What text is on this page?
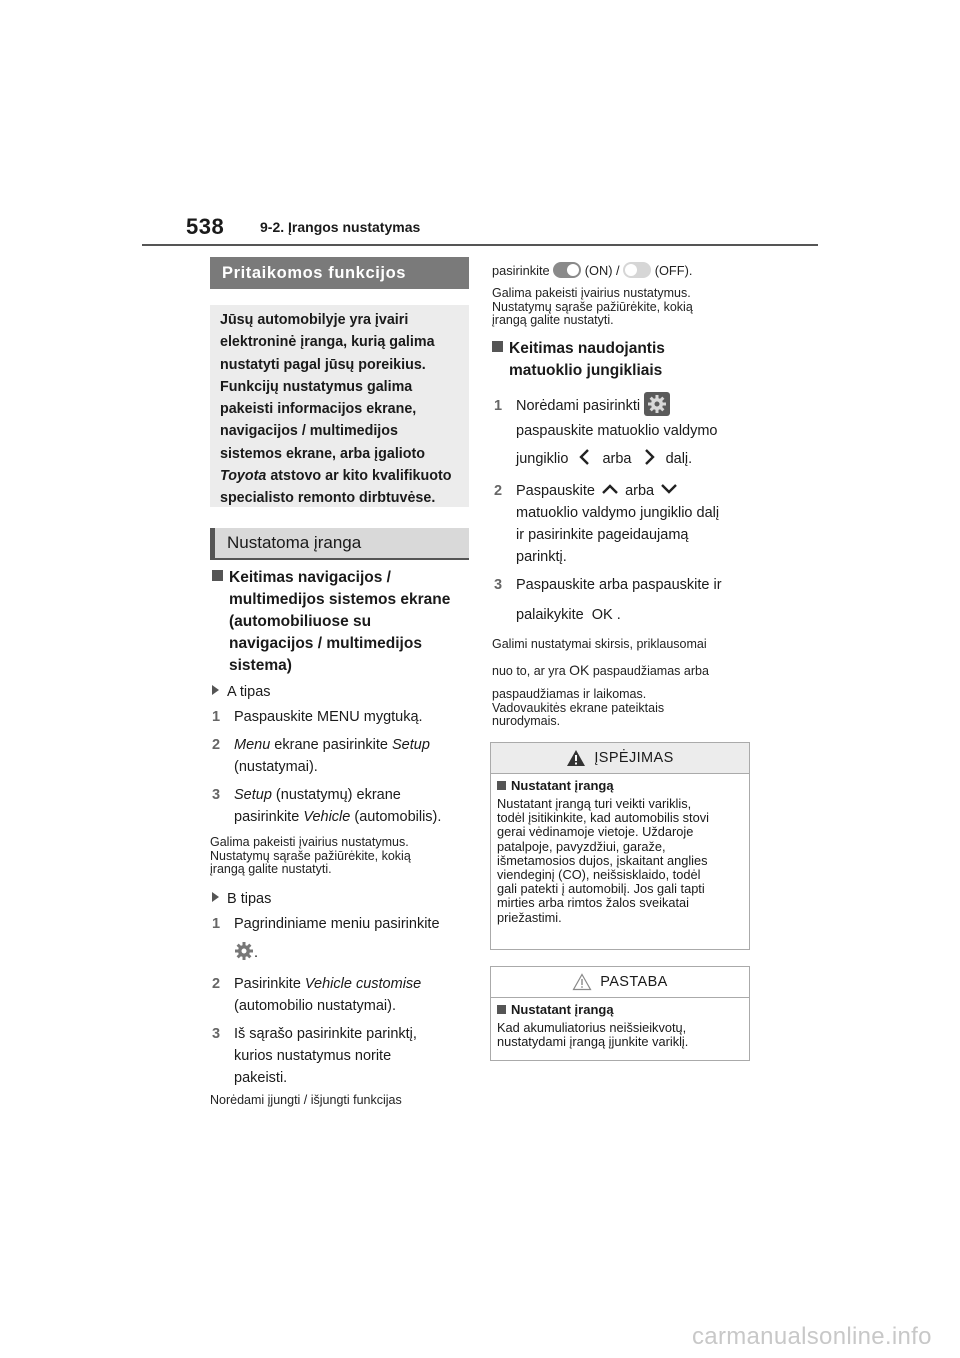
538	9-2. Įrangos nustatymas
Pritaikomos funkcijos
Jūsų automobilyje yra įvairi
elektroninė įranga, kurią galima
nustatyti pagal jūsų poreikius.
Funkcijų nustatymus galima
pakeisti informacijos ekrane,
navigacijos / multimedijos
sistemos ekrane, arba įgalioto
Toyota atstovo ar kito kvalifikuoto
specialisto remonto dirbtuvėse.
Nustatoma įranga
Keitimas navigacijos /
multimedijos sistemos ekrane
(automobiliuose su
navigacijos / multimedijos
sistema)
A tipas
1 Paspauskite MENU mygtuką.
2 Menu ekrane pasirinkite Setup
(nustatymai).
3 Setup (nustatymų) ekrane
pasirinkite Vehicle (automobilis).
Galima pakeisti įvairius nustatymus.
Nustatymų sąraše pažiūrėkite, kokią
įrangą galite nustatyti.
B tipas
1 Pagrindiniame meniu pasirinkite
.
2 Pasirinkite Vehicle customise
(automobilio nustatymai).
3 Iš sąrašo pasirinkite parinktį,
kurios nustatymus norite
pakeisti.
Norėdami įjungti / išjungti funkcijas
pasirinkite	(ON) /	(OFF).
Galima pakeisti įvairius nustatymus.
Nustatymų sąraše pažiūrėkite, kokią
įrangą galite nustatyti.
Keitimas naudojantis
matuoklio jungikliais
1 Norėdami pasirinkti
paspauskite matuoklio valdymo
jungiklio arba dalį.
2 Paspauskite arba
matuoklio valdymo jungiklio dalį
ir pasirinkite pageidaujamą
parinktį.
3 Paspauskite arba paspauskite ir
palaikykite OK .
Galimi nustatymai skirsis, priklausomai
nuo to, ar yra OK paspaudžiamas arba
paspaudžiamas ir laikomas.
Vadovaukitės ekrane pateiktais
nurodymais.
ĮSPĖJIMAS
Nustatant įrangą
Nustatant įrangą turi veikti variklis,
todėl įsitikinkite, kad automobilis stovi
gerai vėdinamoje vietoje. Uždaroje
patalpoje, pavyzdžiui, garaže,
išmetamosios dujos, įskaitant anglies
viendeginį (CO), neišsisklaido, todėl
gali patekti į automobilį. Jos gali tapti
mirties arba rimtos žalos sveikatai
priežastimi.
PASTABA
Nustatant įrangą
Kad akumuliatorius neišsieikvotų,
nustatydami įrangą įjunkite variklį.
carmanualsonline.info
